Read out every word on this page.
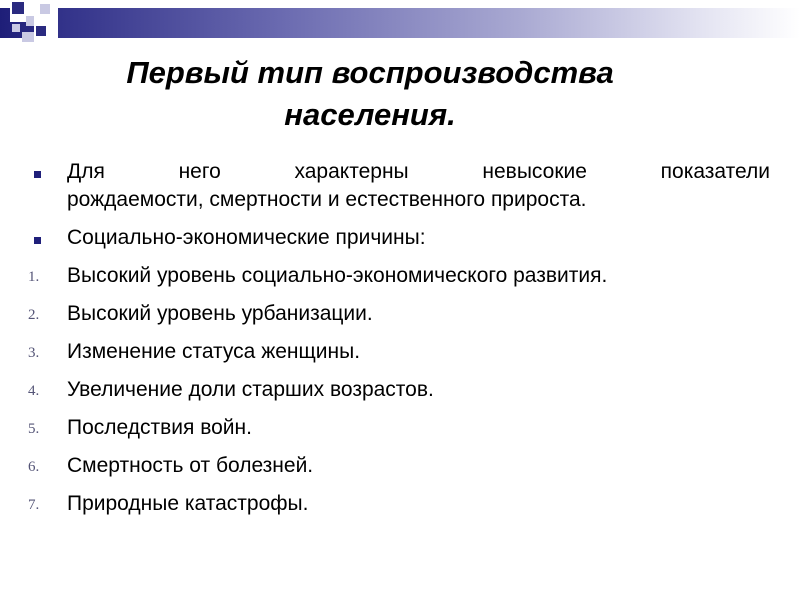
Первый тип воспроизводства
населения.
Для него характерны невысокие показатели
рождаемости, смертности и естественного прироста.
Социально-экономические причины:
1.	Высокий уровень социально-экономического развития.
2.	Высокий уровень урбанизации.
3.	Изменение статуса женщины.
4.	Увеличение доли старших возрастов.
5.	Последствия войн.
6.	Смертность от болезней.
7.	Природные катастрофы.
